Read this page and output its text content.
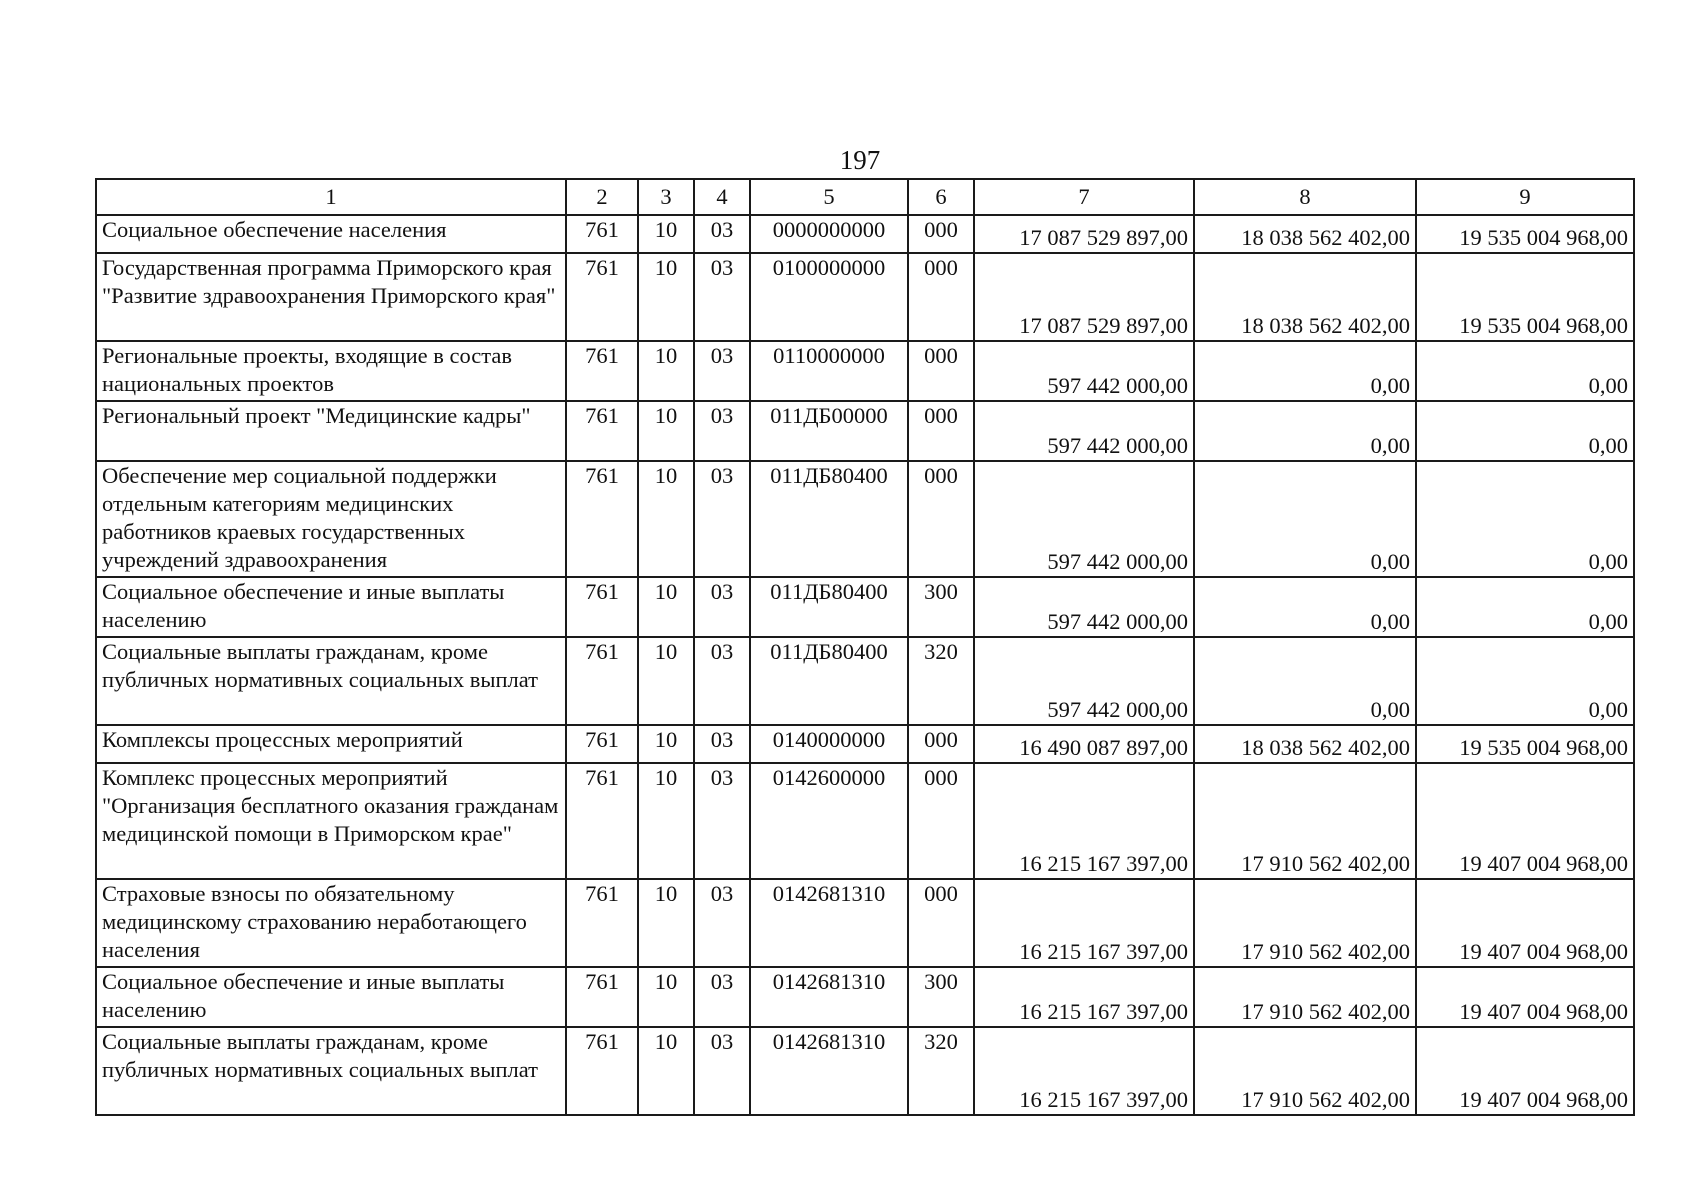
197
1	2	3	4	5	6	7	8	9
Социальное обеспечение населения	761	10	03	0000000000	000	17 087 529 897,00	18 038 562 402,00	19 535 004 968,00
Государственная программа Приморского края "Развитие здравоохранения Приморского края"	761	10	03	0100000000	000	17 087 529 897,00	18 038 562 402,00	19 535 004 968,00
Региональные проекты, входящие в состав национальных проектов	761	10	03	0110000000	000	597 442 000,00	0,00	0,00
Региональный проект "Медицинские кадры"	761	10	03	011ДБ00000	000	597 442 000,00	0,00	0,00
Обеспечение мер социальной поддержки отдельным категориям медицинских работников краевых государственных учреждений здравоохранения	761	10	03	011ДБ80400	000	597 442 000,00	0,00	0,00
Социальное обеспечение и иные выплаты населению	761	10	03	011ДБ80400	300	597 442 000,00	0,00	0,00
Социальные выплаты гражданам, кроме публичных нормативных социальных выплат	761	10	03	011ДБ80400	320	597 442 000,00	0,00	0,00
Комплексы процессных мероприятий	761	10	03	0140000000	000	16 490 087 897,00	18 038 562 402,00	19 535 004 968,00
Комплекс процессных мероприятий "Организация бесплатного оказания гражданам медицинской помощи в Приморском крае"	761	10	03	0142600000	000	16 215 167 397,00	17 910 562 402,00	19 407 004 968,00
Страховые взносы по обязательному медицинскому страхованию неработающего населения	761	10	03	0142681310	000	16 215 167 397,00	17 910 562 402,00	19 407 004 968,00
Социальное обеспечение и иные выплаты населению	761	10	03	0142681310	300	16 215 167 397,00	17 910 562 402,00	19 407 004 968,00
Социальные выплаты гражданам, кроме публичных нормативных социальных выплат	761	10	03	0142681310	320	16 215 167 397,00	17 910 562 402,00	19 407 004 968,00
